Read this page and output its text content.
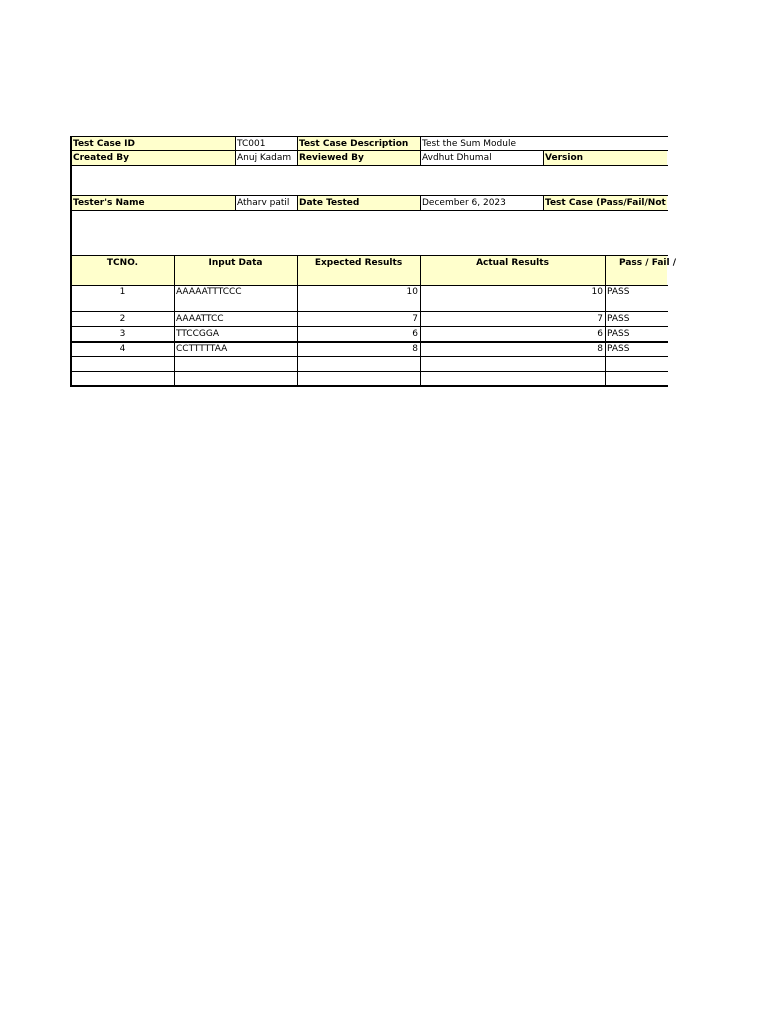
Test Case ID	TC001	Test Case Description	Test the Sum Module
Created By	Anuj Kadam Reviewed By	Avdhut Dhumal	Version
Tester's Name	Atharv patil	Date Tested	December 6, 2023	Test Case (Pass/Fail/Not
TCNO.	Input Data	Expected Results	Actual Results	Pass / Fail /
1	AAAAATTTCCC	10	10 PASS
2	AAAATTCC	7	7 PASS
3	TTCCGGA	6	6 PASS
4	CCTTTTTAA	8	8 PASS
